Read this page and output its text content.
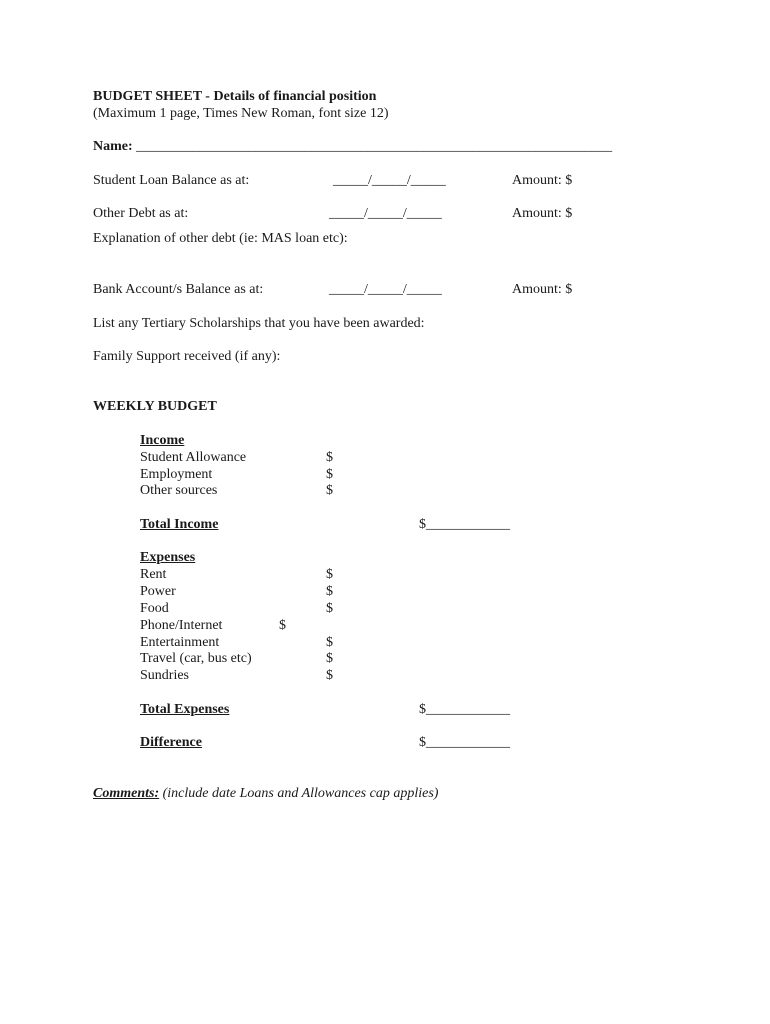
BUDGET SHEET - Details of financial position
(Maximum 1 page, Times New Roman, font size 12)
Name: ____________________________________________________________________
Student Loan Balance as at:	_____/_____/_____	Amount: $
Other Debt as at:	_____/_____/_____	Amount: $
Explanation of other debt (ie: MAS loan etc):
Bank Account/s Balance as at:	_____/_____/_____	Amount: $
List any Tertiary Scholarships that you have been awarded:
Family Support received (if any):
WEEKLY BUDGET
Income
Student Allowance	$
Employment	$
Other sources	$
Total Income	$____________
Expenses
Rent	$
Power	$
Food	$
Phone/Internet	$
Entertainment	$
Travel (car, bus etc)	$
Sundries	$
Total Expenses	$____________
Difference	$____________
Comments: (include date Loans and Allowances cap applies)
